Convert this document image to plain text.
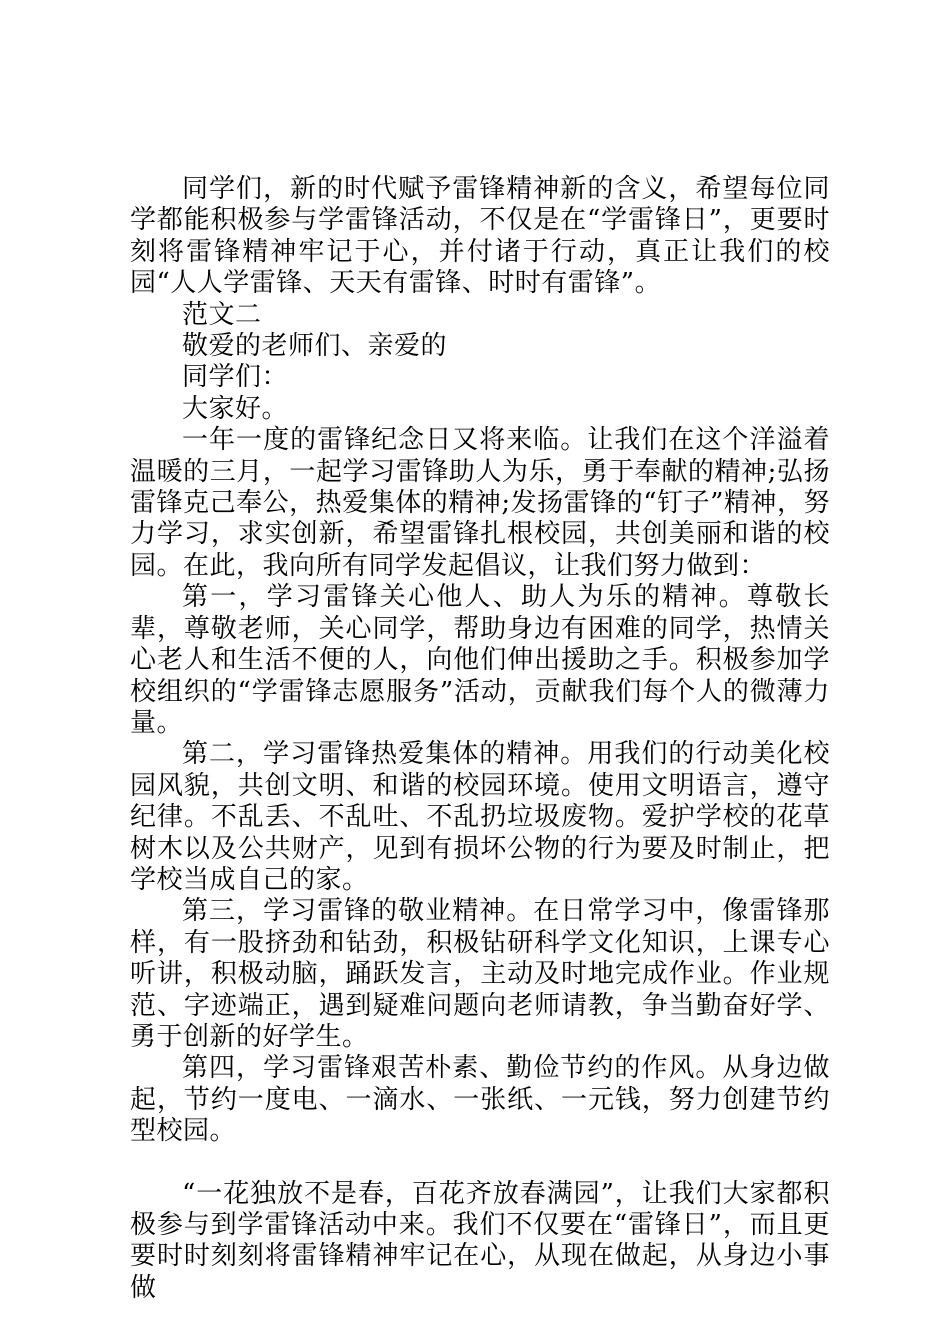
同学们，新的时代赋予雷锋精神新的含义，希望每位同学都能积极参与学雷锋活动，不仅是在“学雷锋日”，更要时刻将雷锋精神牢记于心，并付诸于行动，真正让我们的校园“人人学雷锋、天天有雷锋、时时有雷锋”。

范文二

敬爱的老师们、亲爱的

同学们：

大家好。

一年一度的雷锋纪念日又将来临。让我们在这个洋溢着温暖的三月，一起学习雷锋助人为乐，勇于奉献的精神;弘扬雷锋克己奉公，热爱集体的精神;发扬雷锋的“钉子”精神，努力学习，求实创新，希望雷锋扎根校园，共创美丽和谐的校园。在此，我向所有同学发起倡议，让我们努力做到：

第一，学习雷锋关心他人、助人为乐的精神。尊敬长辈，尊敬老师，关心同学，帮助身边有困难的同学，热情关心老人和生活不便的人，向他们伸出援助之手。积极参加学校组织的“学雷锋志愿服务”活动，贡献我们每个人的微薄力量。

第二，学习雷锋热爱集体的精神。用我们的行动美化校园风貌，共创文明、和谐的校园环境。使用文明语言，遵守纪律。不乱丢、不乱吐、不乱扔垃圾废物。爱护学校的花草树木以及公共财产，见到有损坏公物的行为要及时制止，把学校当成自己的家。

第三，学习雷锋的敬业精神。在日常学习中，像雷锋那样，有一股挤劲和钻劲，积极钻研科学文化知识，上课专心听讲，积极动脑，踊跃发言，主动及时地完成作业。作业规范、字迹端正，遇到疑难问题向老师请教，争当勤奋好学、勇于创新的好学生。

第四，学习雷锋艰苦朴素、勤俭节约的作风。从身边做起，节约一度电、一滴水、一张纸、一元钱，努力创建节约型校园。

“一花独放不是春，百花齐放春满园”，让我们大家都积极参与到学雷锋活动中来。我们不仅要在“雷锋日”，而且更要时时刻刻将雷锋精神牢记在心，从现在做起，从身边小事做
